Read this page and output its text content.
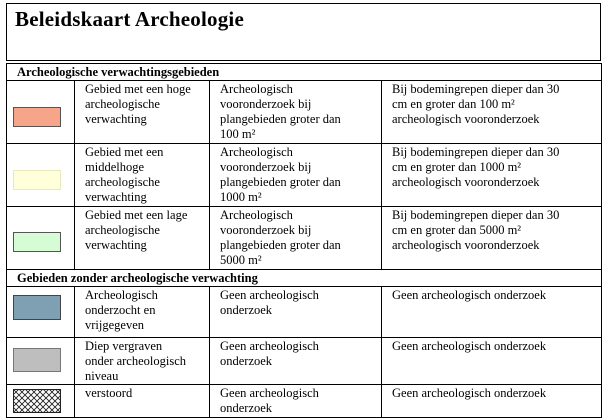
Beleidskaart Archeologie
Archeologische verwachtingsgebieden			

	Gebied met een hoge
archeologische
verwachting	Archeologisch
vooronderzoek bij
plangebieden groter dan
100 m²	Bij bodemingrepen dieper dan 30
cm en groter dan 100 m²
archeologisch vooronderzoek

	Gebied met een
middelhoge
archeologische
verwachting	Archeologisch
vooronderzoek bij
plangebieden groter dan
1000 m²	Bij bodemingrepen dieper dan 30
cm en groter dan 1000 m²
archeologisch vooronderzoek

	Gebied met een lage
archeologische
verwachting	Archeologisch
vooronderzoek bij
plangebieden groter dan
5000 m²	Bij bodemingrepen dieper dan 30
cm en groter dan 5000 m²
archeologisch vooronderzoek
Gebieden zonder archeologische verwachting			

	Archeologisch
onderzocht en
vrijgegeven	Geen archeologisch
onderzoek	Geen archeologisch onderzoek

	Diep vergraven
onder archeologisch
niveau	Geen archeologisch
onderzoek	Geen archeologisch onderzoek

	verstoord	Geen archeologisch
onderzoek	Geen archeologisch onderzoek
